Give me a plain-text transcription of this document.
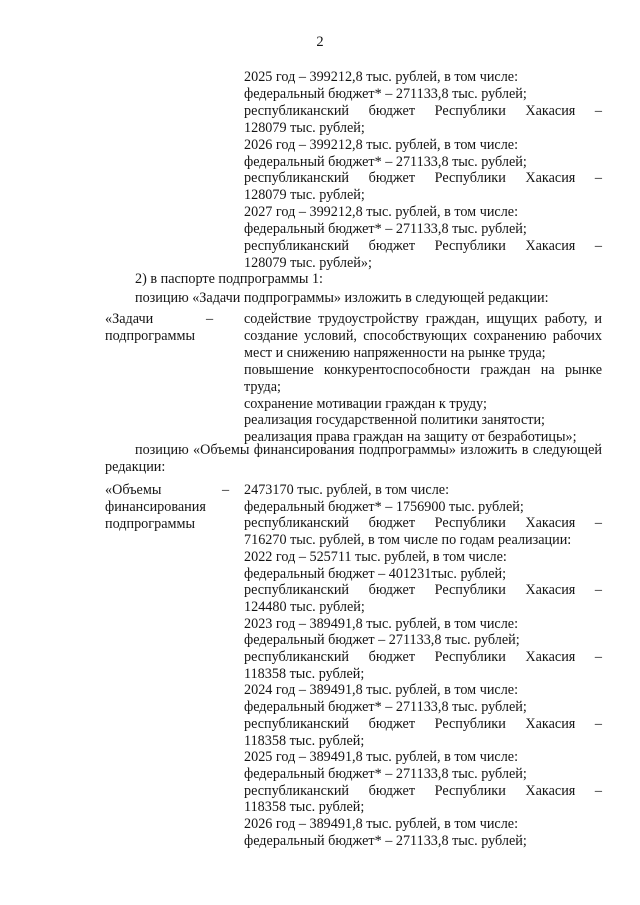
2
2025 год – 399212,8 тыс. рублей, в том числе:
федеральный бюджет* – 271133,8 тыс. рублей;
республиканский бюджет Республики Хакасия –
128079 тыс. рублей;
2026 год – 399212,8 тыс. рублей, в том числе:
федеральный бюджет* – 271133,8 тыс. рублей;
республиканский бюджет Республики Хакасия –
128079 тыс. рублей;
2027 год – 399212,8 тыс. рублей, в том числе:
федеральный бюджет* – 271133,8 тыс. рублей;
республиканский бюджет Республики Хакасия –
128079 тыс. рублей»;
2) в паспорте подпрограммы 1:
позицию «Задачи подпрограммы» изложить в следующей редакции:
«Задачи
подпрограммы
– содействие трудоустройству граждан, ищущих работу, и
создание условий, способствующих сохранению рабочих
мест и снижению напряженности на рынке труда;
повышение конкурентоспособности граждан на рынке
труда;
сохранение мотивации граждан к труду;
реализация государственной политики занятости;
реализация права граждан на защиту от безработицы»;
позицию «Объемы финансирования подпрограммы» изложить в следующей редакции:
«Объемы
финансирования
подпрограммы
– 2473170 тыс. рублей, в том числе:
федеральный бюджет* – 1756900 тыс. рублей;
республиканский бюджет Республики Хакасия –
716270 тыс. рублей, в том числе по годам реализации:
2022 год – 525711 тыс. рублей, в том числе:
федеральный бюджет – 401231тыс. рублей;
республиканский бюджет Республики Хакасия –
124480 тыс. рублей;
2023 год – 389491,8 тыс. рублей, в том числе:
федеральный бюджет – 271133,8 тыс. рублей;
республиканский бюджет Республики Хакасия –
118358 тыс. рублей;
2024 год – 389491,8 тыс. рублей, в том числе:
федеральный бюджет* – 271133,8 тыс. рублей;
республиканский бюджет Республики Хакасия –
118358 тыс. рублей;
2025 год – 389491,8 тыс. рублей, в том числе:
федеральный бюджет* – 271133,8 тыс. рублей;
республиканский бюджет Республики Хакасия –
118358 тыс. рублей;
2026 год – 389491,8 тыс. рублей, в том числе:
федеральный бюджет* – 271133,8 тыс. рублей;
